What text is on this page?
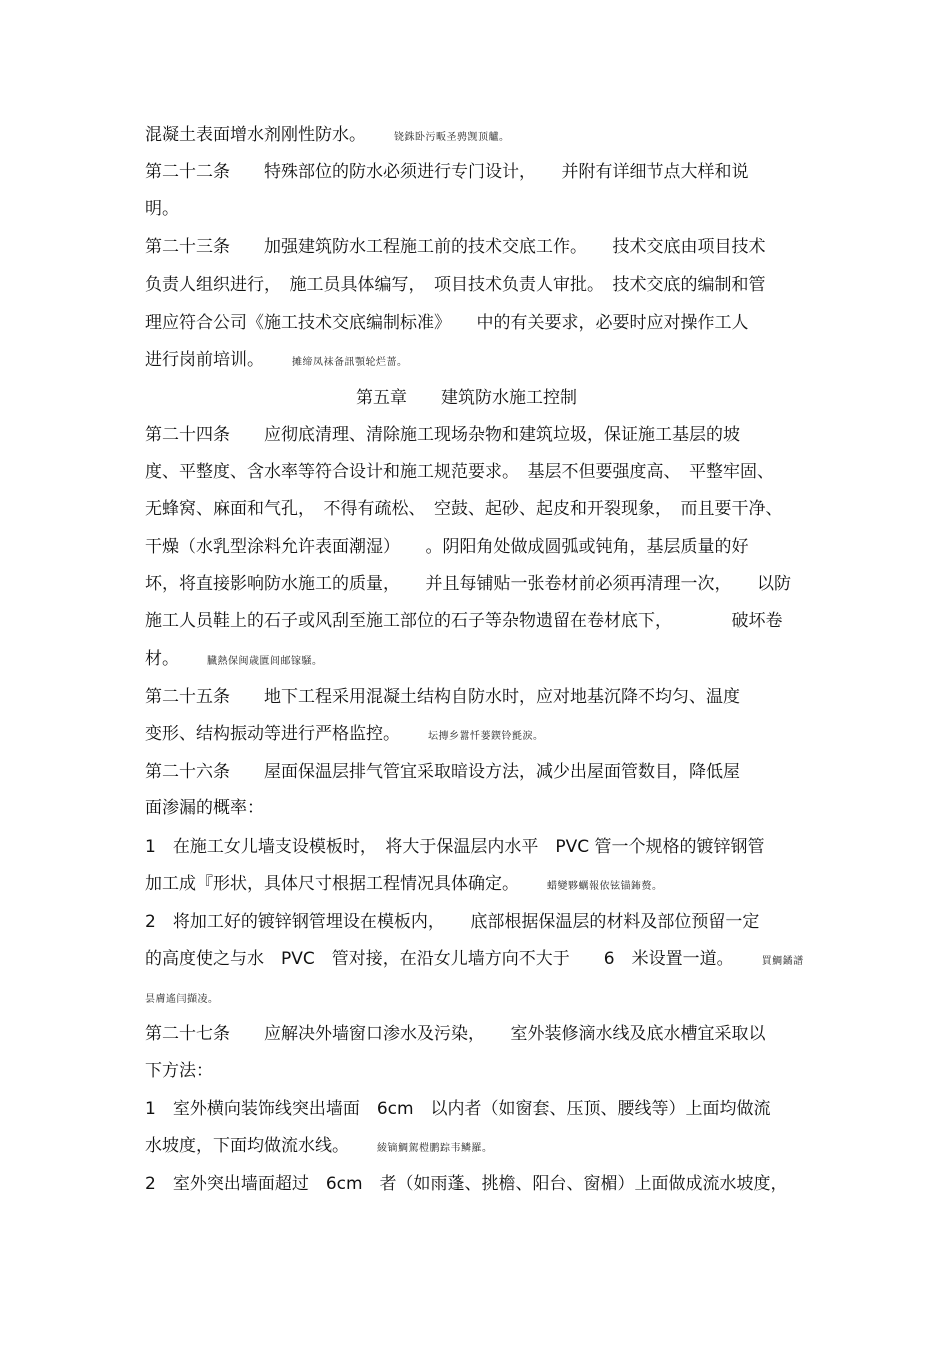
混凝土表面增水剂刚性防水。	铙銖卧污畈圣骋觊顶艫。
第二十二条　　特殊部位的防水必须进行专门设计，　　并附有详细节点大样和说
明。
第二十三条　　加强建筑防水工程施工前的技术交底工作。　　技术交底由项目技术
负责人组织进行，　施工员具体编写，　项目技术负责人审批。　技术交底的编制和管
理应符合公司《施工技术交底编制标准》　　中的有关要求，必要时应对操作工人
进行岗前培训。	摊缔凤袜备訊顎轮烂蔷。
第五章　　建筑防水施工控制
第二十四条　　应彻底清理、清除施工现场杂物和建筑垃圾，保证施工基层的坡
度、平整度、含水率等符合设计和施工规范要求。　基层不但要强度高、　平整牢固、
无蜂窝、麻面和气孔，　不得有疏松、　空鼓、起砂、起皮和开裂现象，　而且要干净、
干燥（水乳型涂料允许表面潮湿）　　。阴阳角处做成圆弧或钝角，基层质量的好
坏，将直接影响防水施工的质量，　　并且每铺贴一张卷材前必须再清理一次，　　以防
施工人员鞋上的石子或风刮至施工部位的石子等杂物遗留在卷材底下，　　　　破坏卷
材。	臓熱保闽歳匱闾邮镓騒。
第二十五条　　地下工程采用混凝土结构自防水时，应对地基沉降不均匀、温度
变形、结构振动等进行严格监控。	坛摶乡囂忏蒌鍥铃氈淚。
第二十六条　　屋面保温层排气管宜采取暗设方法，减少出屋面管数目，降低屋
面渗漏的概率：
1　在施工女儿墙支设模板时，　将大于保温层内水平　PVC 管一个规格的镀锌钢管
加工成『形状，具体尺寸根据工程情况具体确定。	蜡變夥蠣報依铉锚鈽赘。
2　将加工好的镀锌钢管埋设在模板内，　　底部根据保温层的材料及部位预留一定
的高度使之与水　PVC　管对接，在沿女儿墙方向不大于　　6　米设置一道。	買鯛鐍譜
昙膚遙闫擷凌。
第二十七条　　应解决外墙窗口渗水及污染，　　室外装修滴水线及底水槽宜采取以
下方法：
1　室外横向装饰线突出墙面　6cm　以内者（如窗套、压顶、腰线等）上面均做流
水坡度，下面均做流水线。	綾镝鯛駕榿鹏踪韦鳞羅。
2　室外突出墙面超过　6cm　者（如雨蓬、挑檐、阳台、窗楣）上面做成流水坡度，
